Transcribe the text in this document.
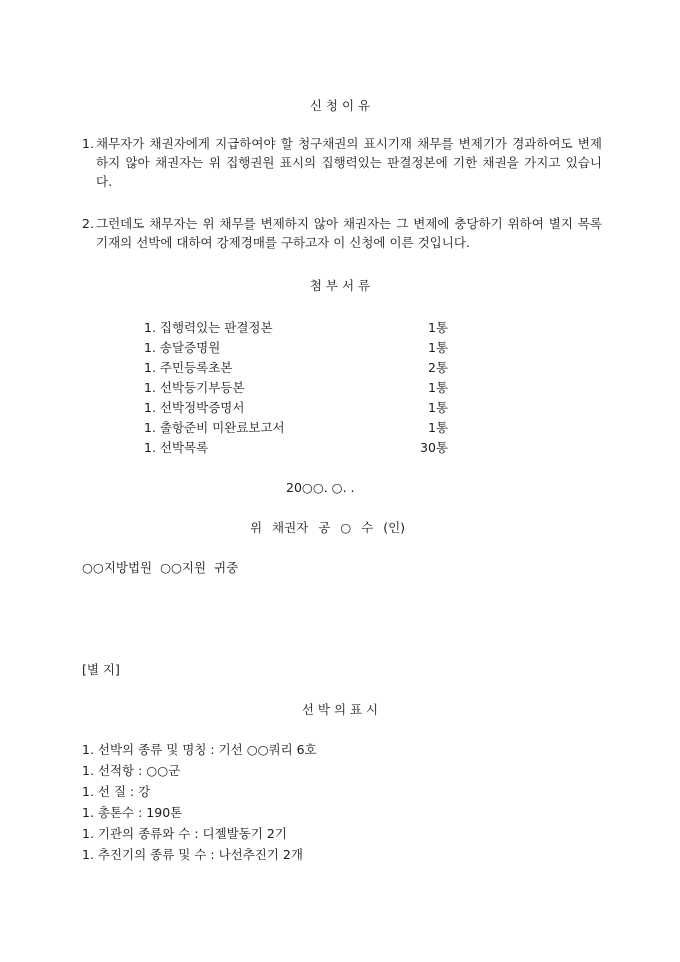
신 청 이 유
1. 채무자가 채권자에게 지급하여야 할 청구채권의 표시기재 채무를 변제기가 경과하여도 변제하지 않아 채권자는 위 집행권원 표시의 집행력있는 판결정본에 기한 채권을 가지고 있습니다.
2. 그런데도 채무자는 위 채무를 변제하지 않아 채권자는 그 변제에 충당하기 위하여 별지 목록 기재의 선박에 대하여 강제경매를 구하고자 이 신청에 이른 것입니다.
첨 부 서 류
1. 집행력있는 판결정본	1통
1. 송달증명원	1통
1. 주민등록초본	2통
1. 선박등기부등본	1통
1. 선박정박증명서	1통
1. 출항준비 미완료보고서	1통
1. 선박목록	30통
20○○. ○. .
위 채권자 공 ○ 수 (인)
○○지방법원 ○○지원 귀중
[별 지]
선 박 의 표 시
1. 선박의 종류 및 명칭 : 기선 ○○쿼리 6호
1. 선적항 : ○○군
1. 선 질 : 강
1. 총톤수 : 190톤
1. 기관의 종류와 수 : 디젤발동기 2기
1. 추진기의 종류 및 수 : 나선추진기 2개
